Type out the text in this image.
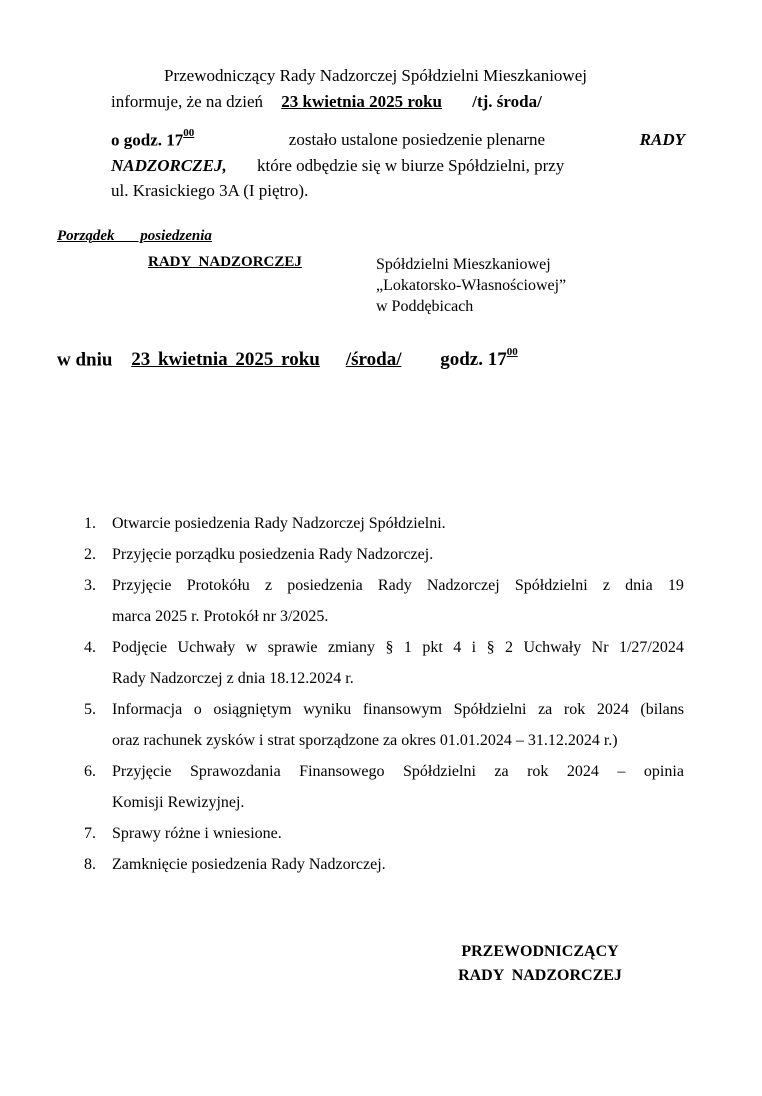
Przewodniczący Rady Nadzorczej Spółdzielni Mieszkaniowej
informuje, że na dzień 23 kwietnia 2025 roku /tj. środa/
o godz. $17^{00}$	zostało ustalone posiedzenie plenarne	RADY
NADZORCZEJ, które odbędzie się w biurze Spółdzielni, przy
ul. Krasickiego 3A (I piętro).
Porządek posiedzenia
RADY NADZORCZEJ	Spółdzielni Mieszkaniowej
„Lokatorsko-Własnościowej”
w Poddębicach
w dniu 23 kwietnia 2025 roku /środa/ godz. $17^{00}$
1. Otwarcie posiedzenia Rady Nadzorczej Spółdzielni.
2. Przyjęcie porządku posiedzenia Rady Nadzorczej.
3. Przyjęcie Protokółu z posiedzenia Rady Nadzorczej Spółdzielni z dnia 19
marca 2025 r. Protokół nr 3/2025.
4. Podjęcie Uchwały w sprawie zmiany § 1 pkt 4 i § 2 Uchwały Nr 1/27/2024
Rady Nadzorczej z dnia 18.12.2024 r.
5. Informacja o osiągniętym wyniku finansowym Spółdzielni za rok 2024 (bilans
oraz rachunek zysków i strat sporządzone za okres 01.01.2024 – 31.12.2024 r.)
6. Przyjęcie Sprawozdania Finansowego Spółdzielni za rok 2024 – opinia
Komisji Rewizyjnej.
7. Sprawy różne i wniesione.
8. Zamknięcie posiedzenia Rady Nadzorczej.
PRZEWODNICZĄCY
RADY NADZORCZEJ
